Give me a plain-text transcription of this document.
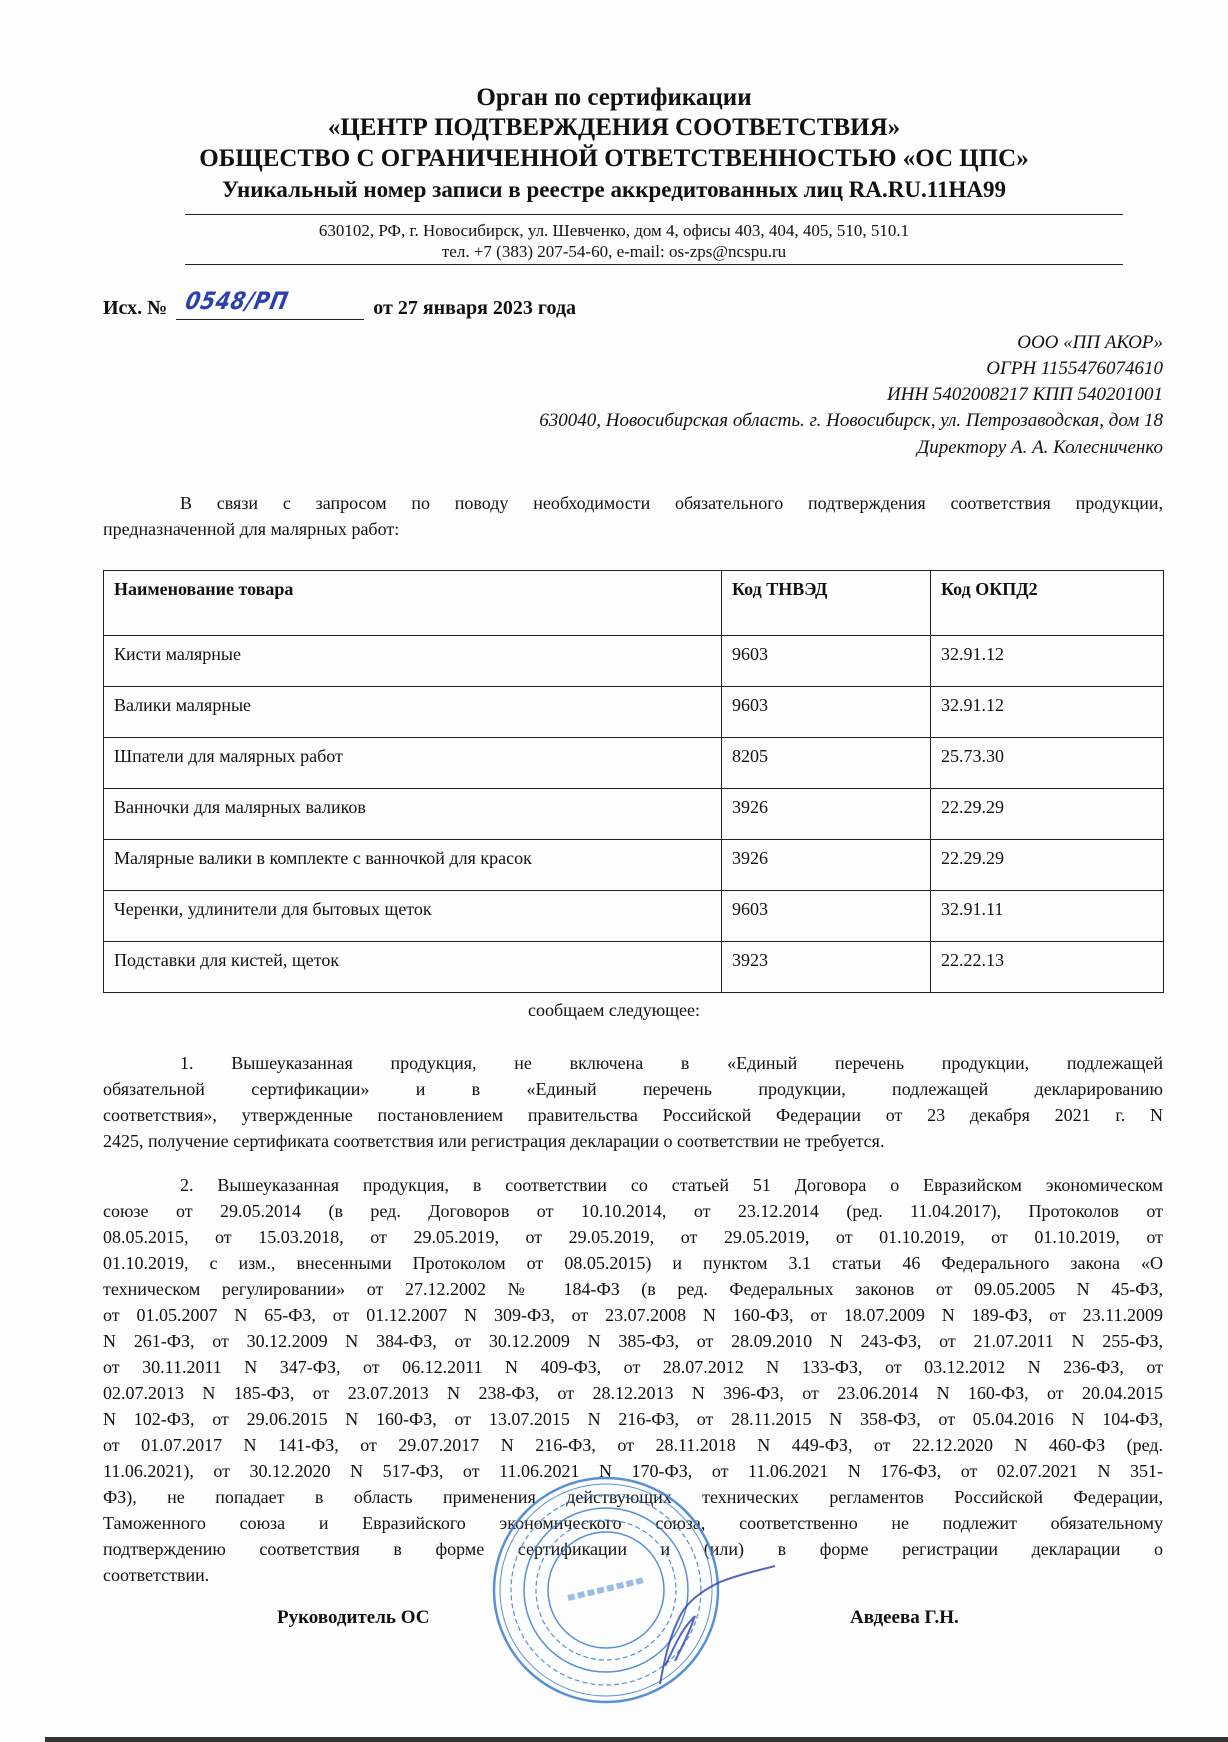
Орган по сертификации
«ЦЕНТР ПОДТВЕРЖДЕНИЯ СООТВЕТСТВИЯ»
ОБЩЕСТВО С ОГРАНИЧЕННОЙ ОТВЕТСТВЕННОСТЬЮ «ОС ЦПС»
Уникальный номер записи в реестре аккредитованных лиц RA.RU.11НА99
630102, РФ, г. Новосибирск, ул. Шевченко, дом 4, офисы 403, 404, 405, 510, 510.1
тел. +7 (383) 207-54-60, e-mail: os-zps@ncspu.ru
Исх. № 0548/РП	от 27 января 2023 года
ООО «ПП АКОР»
ОГРН 1155476074610
ИНН 5402008217 КПП 540201001
630040, Новосибирская область. г. Новосибирск, ул. Петрозаводская, дом 18
Директору А. А. Колесниченко
В связи с запросом по поводу необходимости обязательного подтверждения соответствия продукции,
предназначенной для малярных работ:
Наименование товара	Код ТНВЭД	Код ОКПД2
Кисти малярные	9603	32.91.12
Валики малярные	9603	32.91.12
Шпатели для малярных работ	8205	25.73.30
Ванночки для малярных валиков	3926	22.29.29
Малярные валики в комплекте с ванночкой для красок	3926	22.29.29
Черенки, удлинители для бытовых щеток	9603	32.91.11
Подставки для кистей, щеток	3923	22.22.13
сообщаем следующее:
1. Вышеуказанная продукция, не включена в «Единый перечень продукции, подлежащей
обязательной сертификации» и в «Единый перечень продукции, подлежащей декларированию
соответствия», утвержденные постановлением правительства Российской Федерации от 23 декабря 2021 г. N
2425, получение сертификата соответствия или регистрация декларации о соответствии не требуется.
2. Вышеуказанная продукция, в соответствии со статьей 51 Договора о Евразийском экономическом
союзе от 29.05.2014 (в ред. Договоров от 10.10.2014, от 23.12.2014 (ред. 11.04.2017), Протоколов от
08.05.2015, от 15.03.2018, от 29.05.2019, от 29.05.2019, от 29.05.2019, от 01.10.2019, от 01.10.2019, от
01.10.2019, с изм., внесенными Протоколом от 08.05.2015) и пунктом 3.1 статьи 46 Федерального закона «О
техническом регулировании» от 27.12.2002 № 184-ФЗ (в ред. Федеральных законов от 09.05.2005 N 45-ФЗ,
от 01.05.2007 N 65-ФЗ, от 01.12.2007 N 309-ФЗ, от 23.07.2008 N 160-ФЗ, от 18.07.2009 N 189-ФЗ, от 23.11.2009
N 261-ФЗ, от 30.12.2009 N 384-ФЗ, от 30.12.2009 N 385-ФЗ, от 28.09.2010 N 243-ФЗ, от 21.07.2011 N 255-ФЗ,
от 30.11.2011 N 347-ФЗ, от 06.12.2011 N 409-ФЗ, от 28.07.2012 N 133-ФЗ, от 03.12.2012 N 236-ФЗ, от
02.07.2013 N 185-ФЗ, от 23.07.2013 N 238-ФЗ, от 28.12.2013 N 396-ФЗ, от 23.06.2014 N 160-ФЗ, от 20.04.2015
N 102-ФЗ, от 29.06.2015 N 160-ФЗ, от 13.07.2015 N 216-ФЗ, от 28.11.2015 N 358-ФЗ, от 05.04.2016 N 104-ФЗ,
от 01.07.2017 N 141-ФЗ, от 29.07.2017 N 216-ФЗ, от 28.11.2018 N 449-ФЗ, от 22.12.2020 N 460-ФЗ (ред.
11.06.2021), от 30.12.2020 N 517-ФЗ, от 11.06.2021 N 170-ФЗ, от 11.06.2021 N 176-ФЗ, от 02.07.2021 N 351-
ФЗ), не попадает в область применения действующих технических регламентов Российской Федерации,
Таможенного союза и Евразийского экономического союза, соответственно не подлежит обязательному
подтверждению соответствия в форме сертификации и (или) в форме регистрации декларации о
соответствии.
Руководитель ОС	Авдеева Г.Н.
